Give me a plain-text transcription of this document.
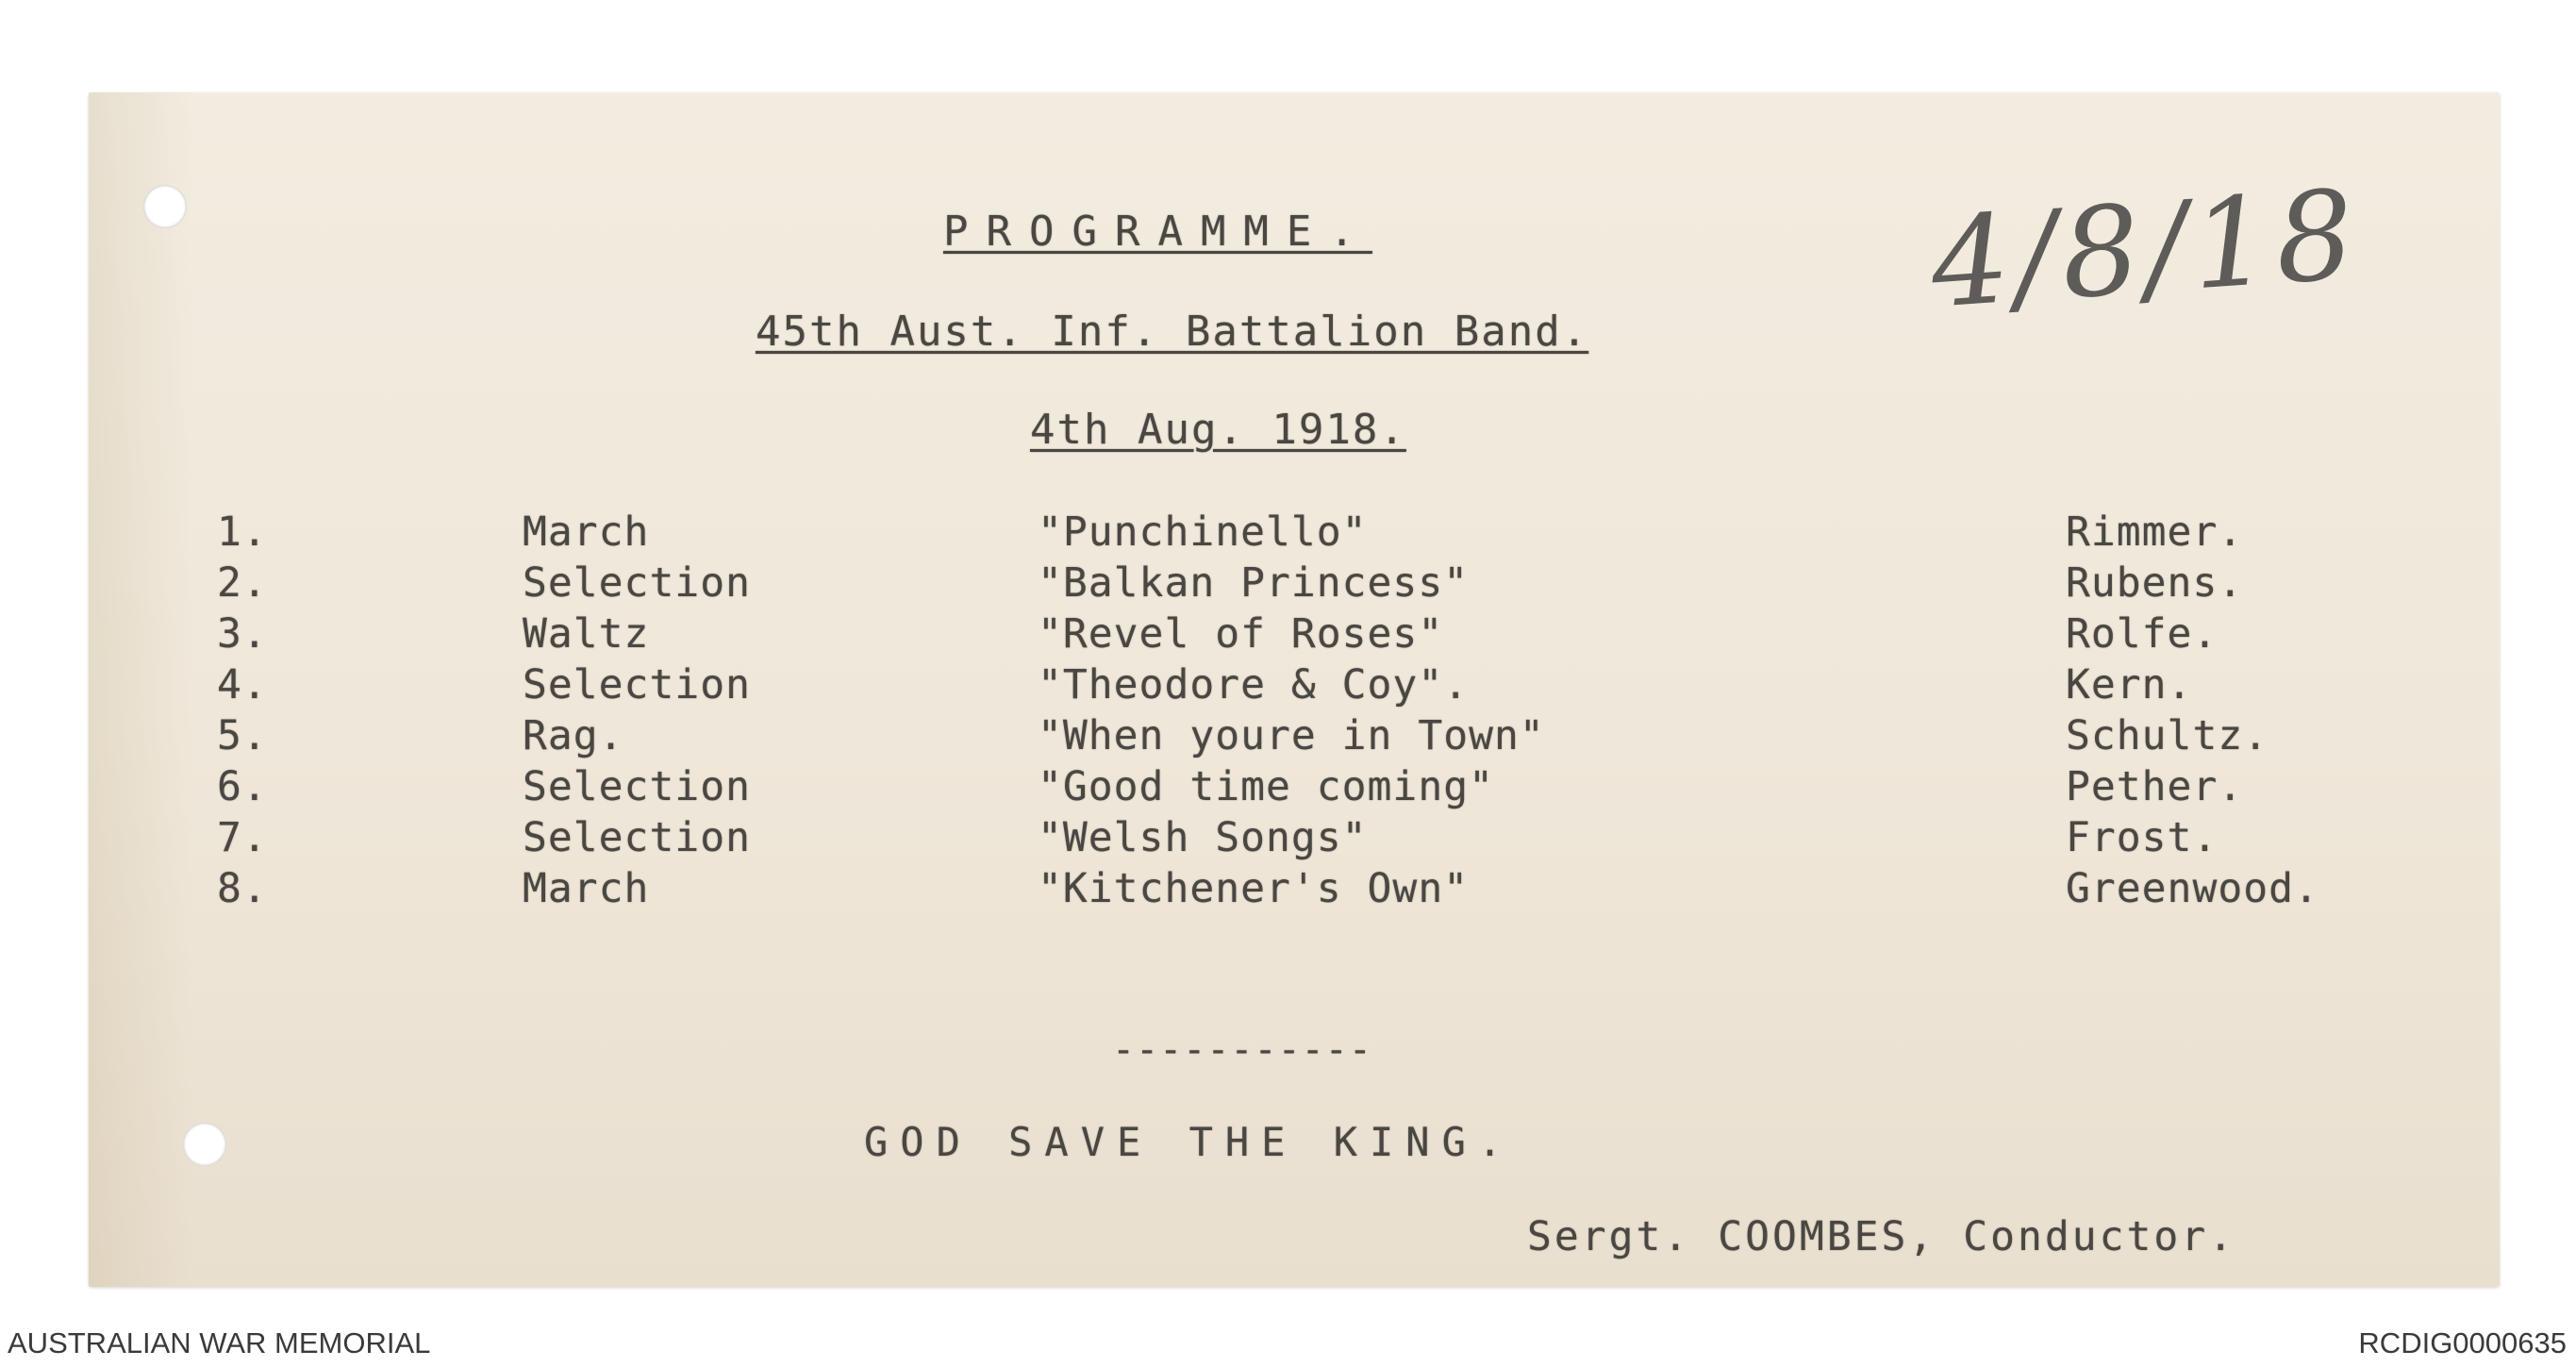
PROGRAMME.
45th Aust. Inf. Battalion Band.
4th Aug. 1918.
4/8/18
1.	March	"Punchinello"	Rimmer.
2.	Selection	"Balkan Princess"	Rubens.
3.	Waltz	"Revel of Roses"	Rolfe.
4.	Selection	"Theodore & Coy".	Kern.
5.	Rag.	"When youre in Town"	Schultz.
6.	Selection	"Good time coming"	Pether.
7.	Selection	"Welsh Songs"	Frost.
8.	March	"Kitchener's Own"	Greenwood.
-----------
GOD SAVE THE KING.
Sergt. COOMBES, Conductor.
AUSTRALIAN WAR MEMORIAL	RCDIG0000635
